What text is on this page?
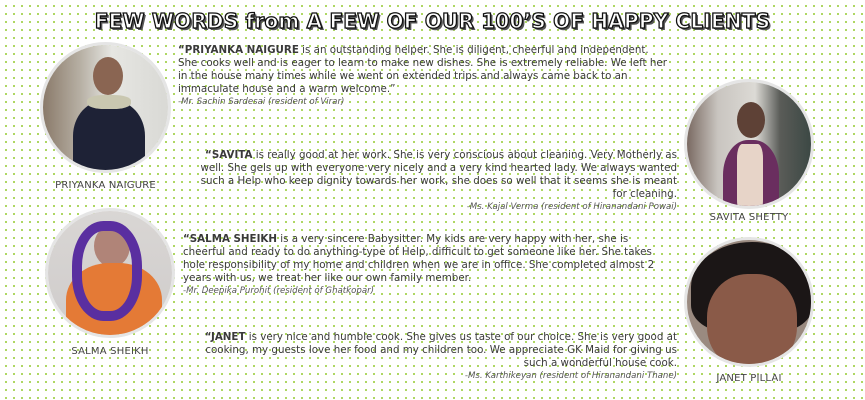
FEW WORDS from A FEW OF OUR 100’S OF HAPPY CLIENTS
PRIYANKA NAIGURE
“PRIYANKA NAIGURE is an outstanding helper. She is diligent, cheerful and independent. She cooks well and is eager to learn to make new dishes. She is extremely reliable. We left her in the house many times while we went on extended trips and always came back to an immaculate house and a warm welcome.”
-Mr. Sachin Sardesai (resident of Virar)
SAVITA SHETTY
“SAVITA is really good at her work. She is very conscious about cleaning. Very Motherly as well. She gels up with everyone very nicely and a very kind hearted lady. We always wanted such a Help who keep dignity towards her work, she does so well that it seems she is meant for cleaning.
-Ms. Kajal Verma (resident of Hiranandani Powai)
SALMA SHEIKH
“SALMA SHEIKH is a very sincere Babysitter. My kids are very happy with her, she is cheerful and ready to do anything-type of Help, difficult to get someone like her. She takes hole responsibility of my home and children when we are in office. She completed almost 2 years with us, we treat her like our own family member.
-Mr. Deepika Purohit (resident of Ghatkopar)
JANET PILLAI
“JANET is very nice and humble cook. She gives us taste of our choice. She is very good at cooking, my guests love her food and my children too. We appreciate GK Maid for giving us such a wonderful house cook.
-Ms. Karthikeyan (resident of Hiranandani Thane)
